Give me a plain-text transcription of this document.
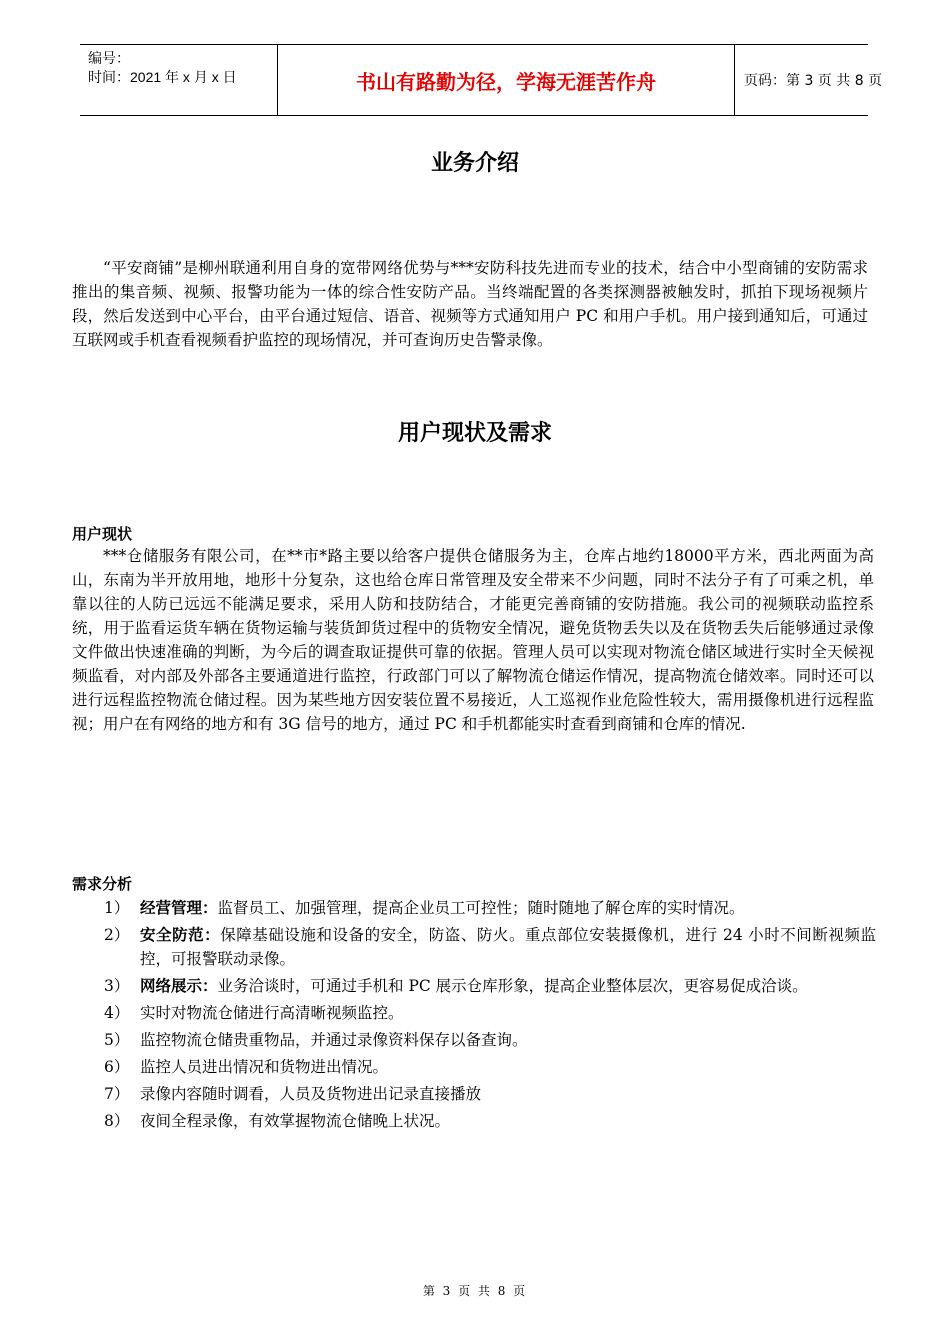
编号：
时间：2021 年 x 月 x 日	书山有路勤为径，学海无涯苦作舟	页码：第 3 页 共 8 页
业务介绍

“平安商铺”是柳州联通利用自身的宽带网络优势与***安防科技先进而专业的技术，结合中小型商铺的安防需求推出的集音频、视频、报警功能为一体的综合性安防产品。当终端配置的各类探测器被触发时，抓拍下现场视频片段，然后发送到中心平台，由平台通过短信、语音、视频等方式通知用户 PC 和用户手机。用户接到通知后，可通过互联网或手机查看视频看护监控的现场情况，并可查询历史告警录像。

用户现状及需求
用户现状

***仓储服务有限公司，在**市*路主要以给客户提供仓储服务为主，仓库占地约18000平方米，西北两面为高山，东南为半开放用地，地形十分复杂，这也给仓库日常管理及安全带来不少问题，同时不法分子有了可乘之机，单靠以往的人防已远远不能满足要求，采用人防和技防结合，才能更完善商铺的安防措施。我公司的视频联动监控系统，用于监看运货车辆在货物运输与装货卸货过程中的货物安全情况，避免货物丢失以及在货物丢失后能够通过录像文件做出快速准确的判断，为今后的调查取证提供可靠的依据。管理人员可以实现对物流仓储区域进行实时全天候视频监看，对内部及外部各主要通道进行监控，行政部门可以了解物流仓储运作情况，提高物流仓储效率。同时还可以进行远程监控物流仓储过程。因为某些地方因安装位置不易接近，人工巡视作业危险性较大，需用摄像机进行远程监视；用户在有网络的地方和有 3G 信号的地方，通过 PC 和手机都能实时查看到商铺和仓库的情况.

需求分析
1） 经营管理：监督员工、加强管理，提高企业员工可控性；随时随地了解仓库的实时情况。
2） 安全防范：保障基础设施和设备的安全，防盗、防火。重点部位安装摄像机，进行 24 小时不间断视频监控，可报警联动录像。
3） 网络展示：业务洽谈时，可通过手机和 PC 展示仓库形象，提高企业整体层次，更容易促成洽谈。
4） 实时对物流仓储进行高清晰视频监控。
5） 监控物流仓储贵重物品，并通过录像资料保存以备查询。
6） 监控人员进出情况和货物进出情况。
7） 录像内容随时调看，人员及货物进出记录直接播放
8） 夜间全程录像，有效掌握物流仓储晚上状况。
第 3 页 共 8 页
